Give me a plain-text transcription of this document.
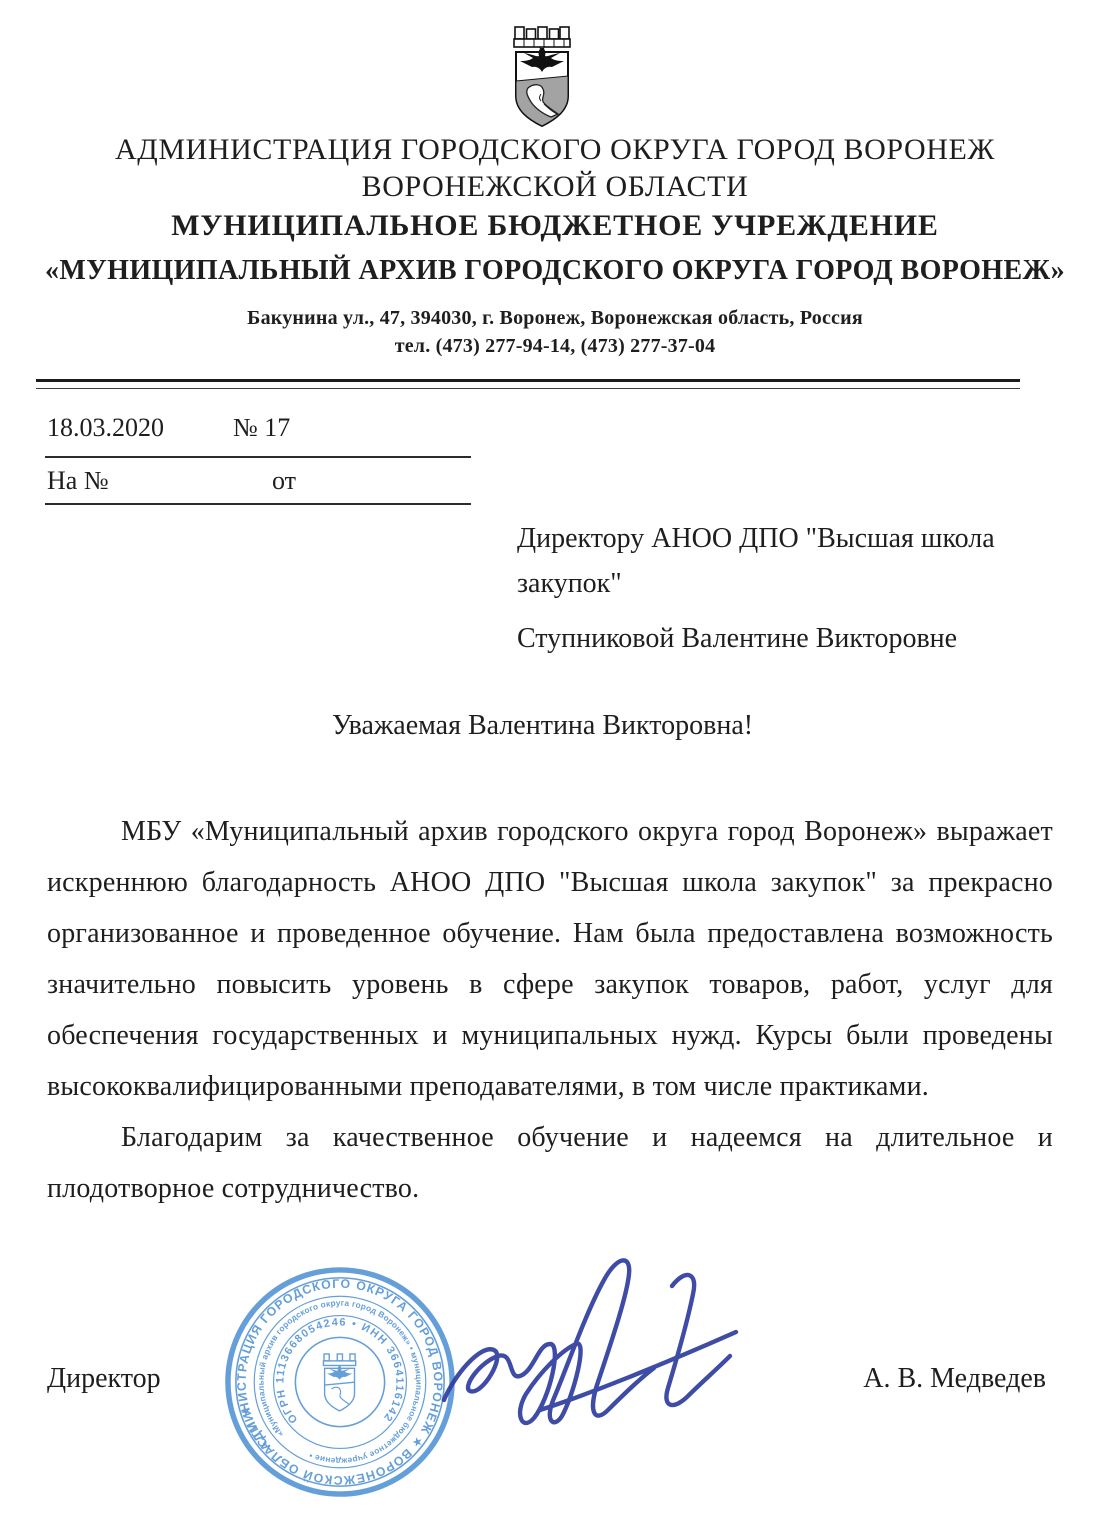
АДМИНИСТРАЦИЯ ГОРОДСКОГО ОКРУГА ГОРОД ВОРОНЕЖ
ВОРОНЕЖСКОЙ ОБЛАСТИ
МУНИЦИПАЛЬНОЕ БЮДЖЕТНОЕ УЧРЕЖДЕНИЕ
«МУНИЦИПАЛЬНЫЙ АРХИВ ГОРОДСКОГО ОКРУГА ГОРОД ВОРОНЕЖ»
Бакунина ул., 47, 394030, г. Воронеж, Воронежская область, Россия
тел. (473) 277-94-14, (473) 277-37-04
18.03.2020	№ 17
На №	от
Директору АНОО ДПО "Высшая школа закупок"
Ступниковой Валентине Викторовне
Уважаемая Валентина Викторовна!

МБУ «Муниципальный архив городского округа город Воронеж» выражает искреннюю благодарность АНОО ДПО "Высшая школа закупок" за прекрасно организованное и проведенное обучение. Нам была предоставлена возможность значительно повысить уровень в сфере закупок товаров, работ, услуг для обеспечения государственных и муниципальных нужд. Курсы были проведены высококвалифицированными преподавателями, в том числе практиками.

Благодарим за качественное обучение и надеемся на длительное и плодотворное сотрудничество.

Директор	А. В. Медведев
АДМИНИСТРАЦИЯ ГОРОДСКОГО ОКРУГА ГОРОД ВОРОНЕЖ ★ ВОРОНЕЖСКОЙ ОБЛАСТИ ★
«Муниципальный архив городского округа город Воронеж» • муниципальное бюджетное учреждение •
ОГРН 1113668054246 • ИНН 3664116142
